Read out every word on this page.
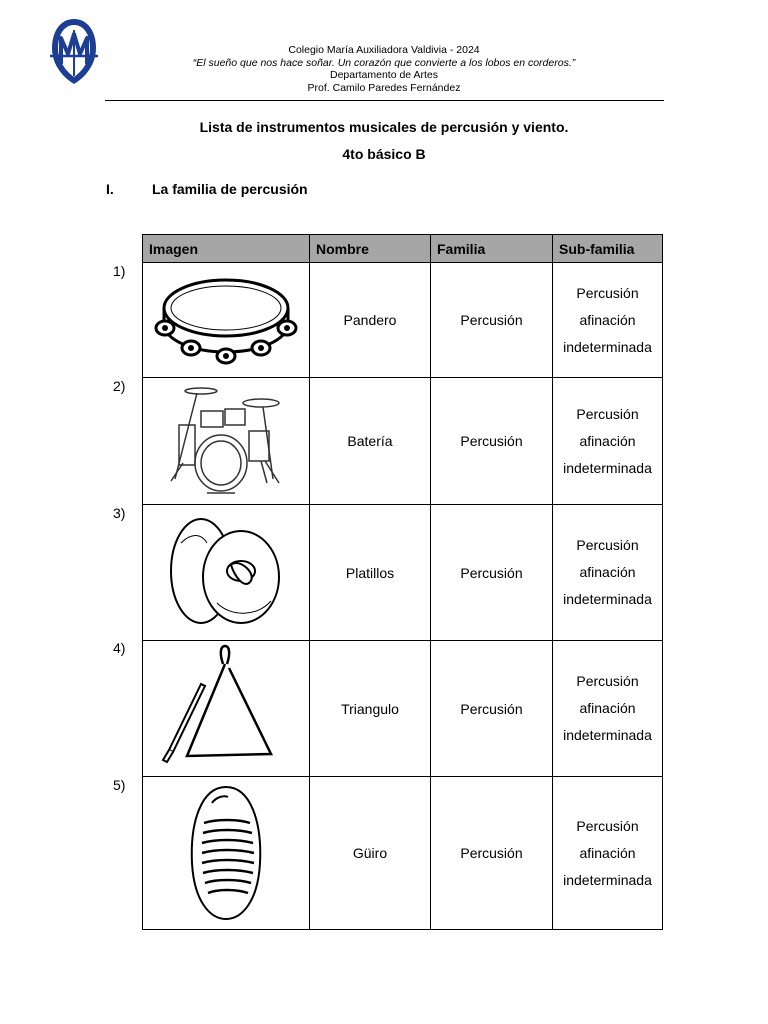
Colegio María Auxiliadora Valdivia - 2024
“El sueño que nos hace soñar. Un corazón que convierte a los lobos en corderos.”
Departamento de Artes
Prof. Camilo Paredes Fernández
Lista de instrumentos musicales de percusión y viento.
4to básico B
I.	La familia de percusión
1)
2)
3)
4)
5)
Imagen	Nombre	Familia	Sub-familia

	Pandero	Percusión	Percusión
afinación
indeterminada

	Batería	Percusión	Percusión
afinación
indeterminada

	Platillos	Percusión	Percusión
afinación
indeterminada

	Triangulo	Percusión	Percusión
afinación
indeterminada

	Güiro	Percusión	Percusión
afinación
indeterminada
